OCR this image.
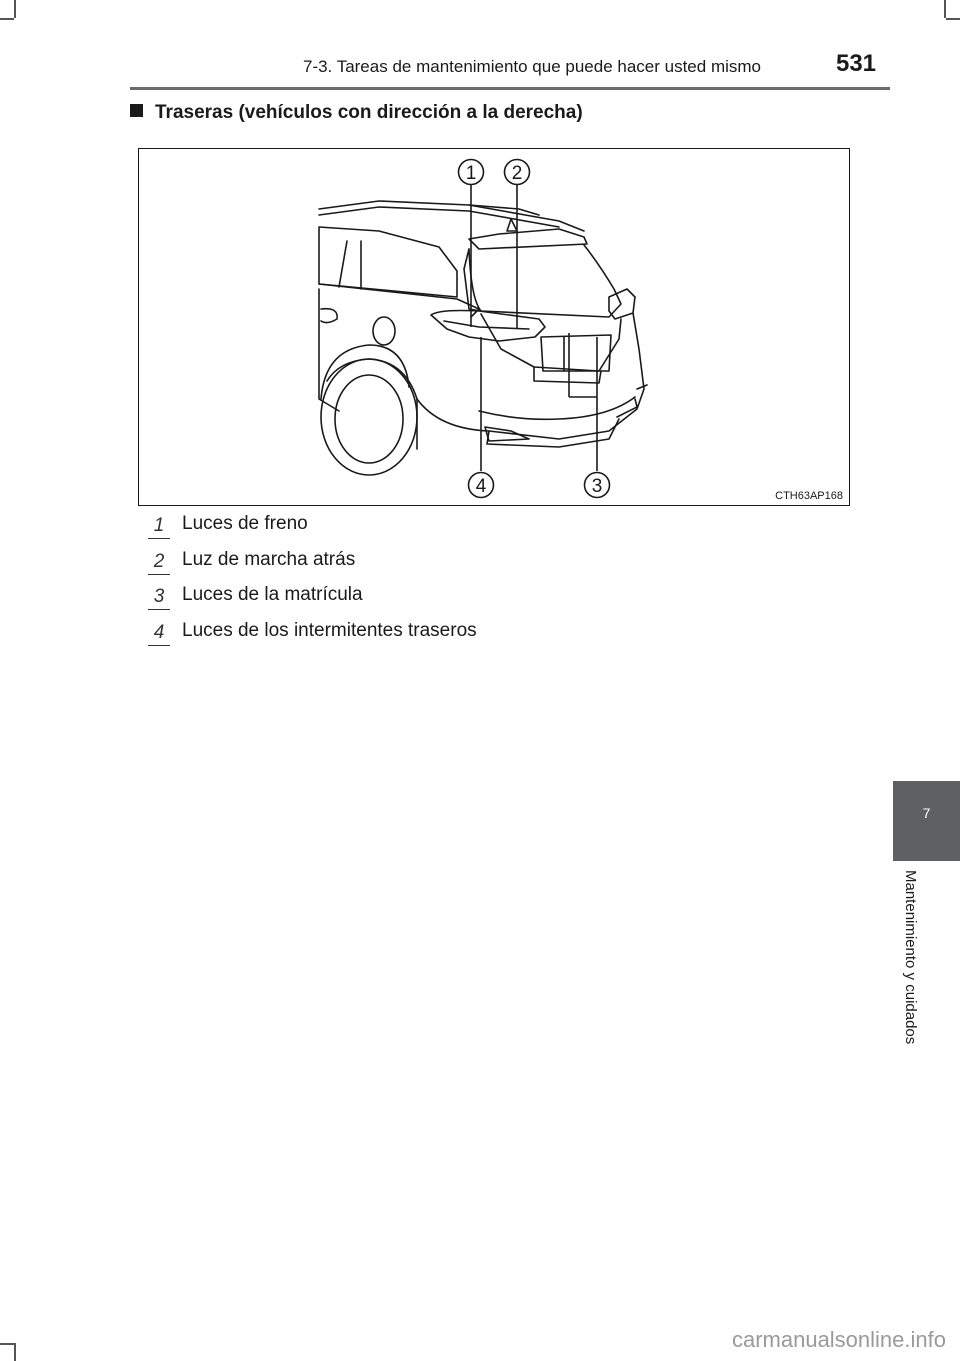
7-3. Tareas de mantenimiento que puede hacer usted mismo	531
Traseras (vehículos con dirección a la derecha)
1 2
4	3	CTH63AP168
1 Luces de freno
2 Luz de marcha atrás
3 Luces de la matrícula
4 Luces de los intermitentes traseros
7
Mantenimiento y cuidados
carmanualsonline.info
